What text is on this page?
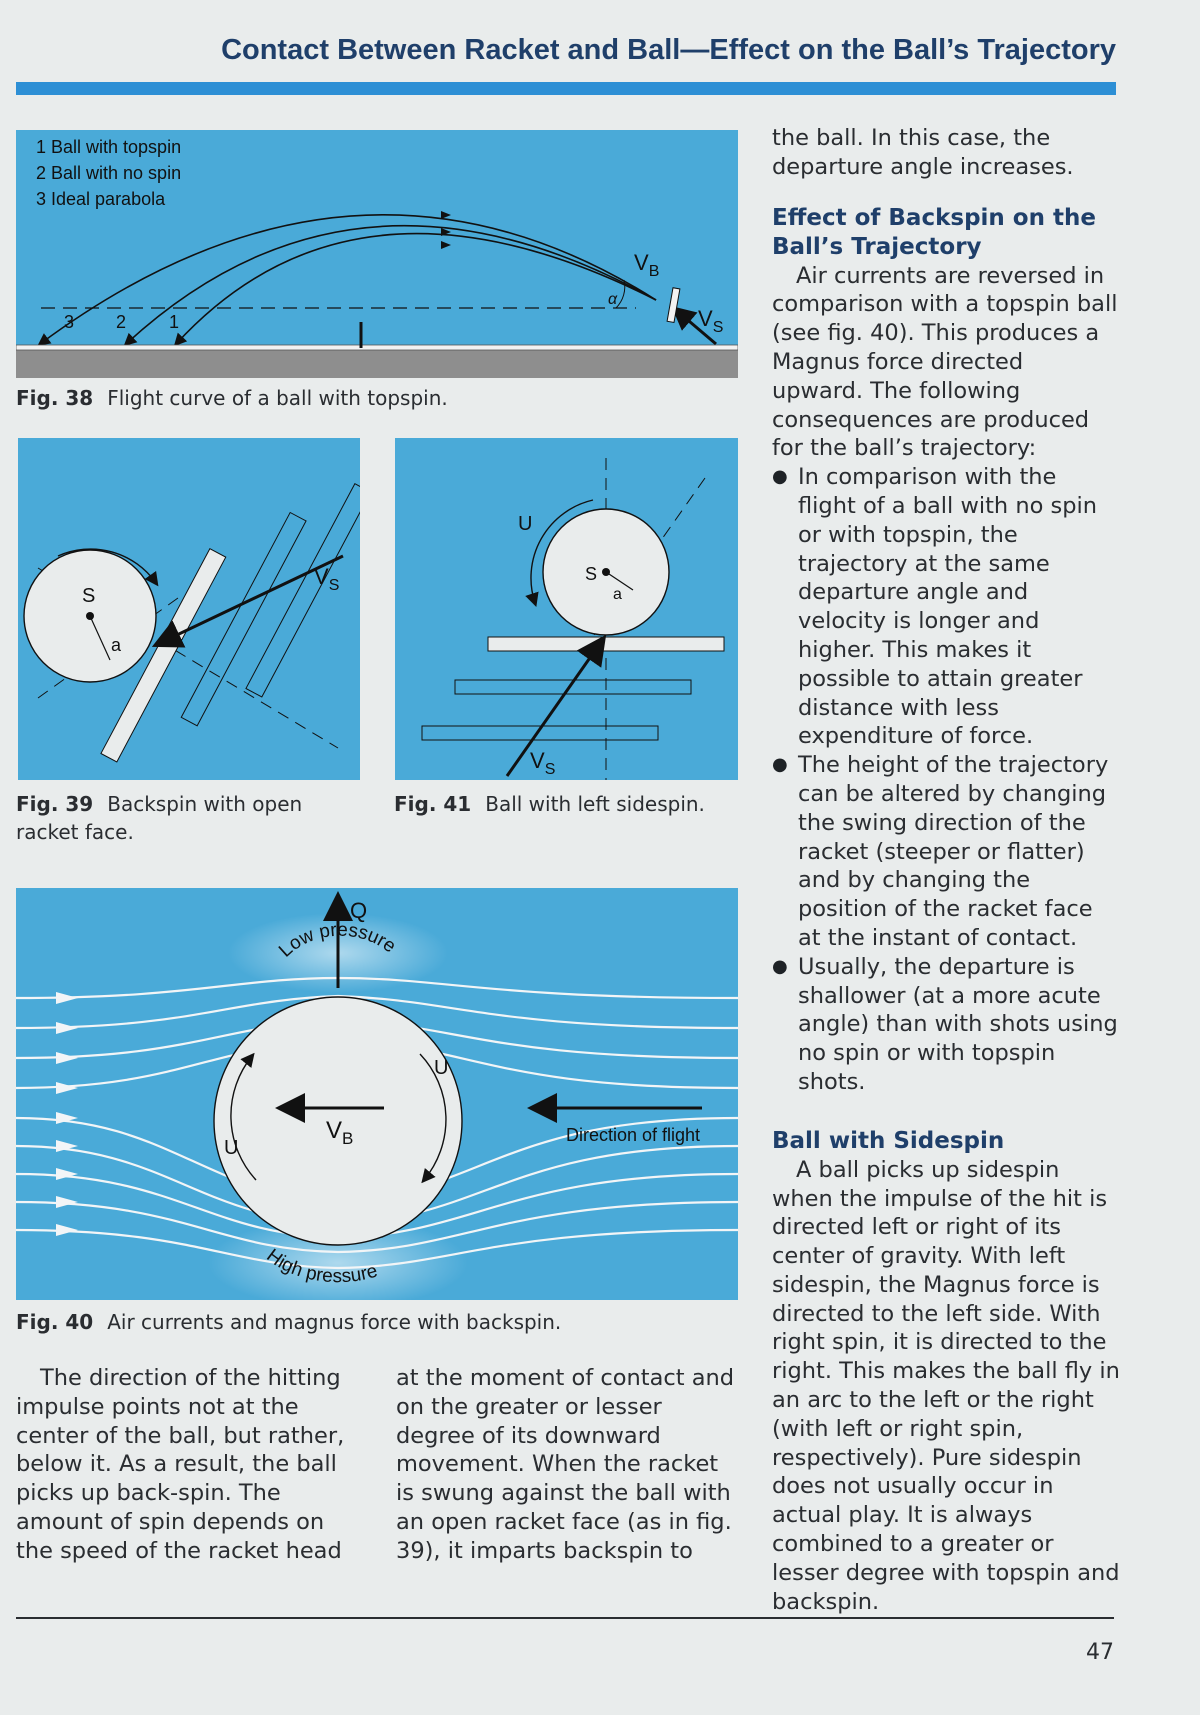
Contact Between Racket and Ball—Effect on the Ball’s Trajectory
1 Ball with topspin
2 Ball with no spin
3 Ideal parabola
α
$V_B$
$V_S$
3 2 1
Fig. 38 Flight curve of a ball with topspin.
S
a
$V_S$
Fig. 39 Backspin with open racket face.
U
S
a
$V_S$
Fig. 41 Ball with left sidespin.
Q
Low pressure
High pressure
U
U
$V_B$	Direction of flight
Fig. 40 Air currents and magnus force with backspin.

The direction of the hitting impulse points not at the center of the ball, but rather, below it. As a result, the ball picks up back-spin. The amount of spin depends on the speed of the racket head

at the moment of contact and on the greater or lesser degree of its downward movement. When the racket is swung against the ball with an open racket face (as in fig. 39), it imparts backspin to

the ball. In this case, the departure angle increases.

Effect of Backspin on the Ball’s Trajectory

Air currents are reversed in comparison with a topspin ball (see fig. 40). This produces a Magnus force directed upward. The following consequences are produced for the ball’s trajectory:

● In comparison with the flight of a ball with no spin or with topspin, the trajectory at the same departure angle and velocity is longer and higher. This makes it possible to attain greater distance with less expenditure of force.
● The height of the trajectory can be altered by changing the swing direction of the racket (steeper or flatter) and by changing the position of the racket face at the instant of contact.
● Usually, the departure is shallower (at a more acute angle) than with shots using no spin or with topspin shots.
Ball with Sidespin

A ball picks up sidespin when the impulse of the hit is directed left or right of its center of gravity. With left sidespin, the Magnus force is directed to the left side. With right spin, it is directed to the right. This makes the ball fly in an arc to the left or the right (with left or right spin, respectively). Pure sidespin does not usually occur in actual play. It is always combined to a greater or lesser degree with topspin and backspin.

47
